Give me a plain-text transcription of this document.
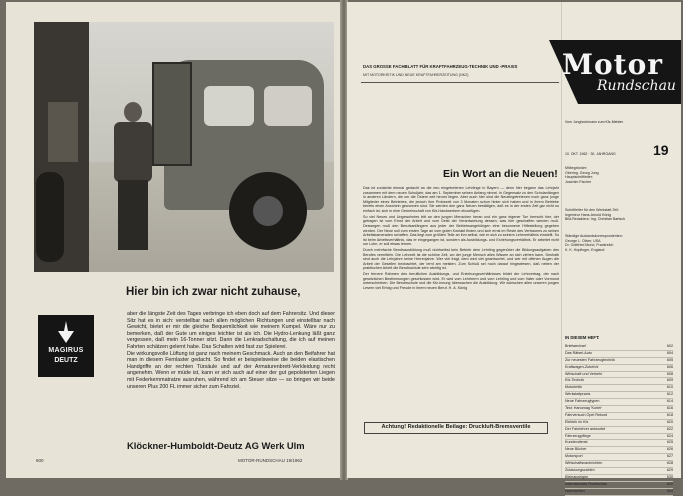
Hier bin ich zwar nicht zuhause,
MAGIRUS
DEUTZ

aber die längste Zeit des Tages verbringe ich eben doch auf dem Fahrersitz. Und dieser Sitz hat es in sich: verstellbar nach allen möglichen Richtungen und einstellbar nach Gewicht, bietet er mir die gleiche Bequemlichkeit wie meinem Kumpel. Wäre nur zu bemerken, daß der Gute um einiges leichter ist als ich. Die Hydro-Lenkung läßt ganz vergessen, daß mein 16-Tonner sitzt. Dann die Lenkradschaltung, die ich auf meinen Fahrten schätzen gelernt habe. Das Schalten wird fast zur Spielerei.
Die wirkungsvolle Lüftung ist ganz nach meinem Geschmack. Auch an den Beifahrer hat man in diesem Fernlaster gedacht. So findet er beispielsweise die beiden elastischen Handgriffe an der rechten Türsäule und auf der Armaturenbrett-Verkleidung recht angenehm. Wenn er müde ist, kann er sich auch auf einer der gut gepolsterten Liegen mit Federkernmatratze ausruhen, während ich am Steuer sitze — so bringen wir beide unseren Plus 200 FL immer sicher zum Fahrziel.

Klöckner-Humboldt-Deutz AG Werk Ulm
600	MOTOR-RUNDSCHAU 19/1962
DAS GROSSE FACHBLATT FÜR KRAFTFAHRZEUG-TECHNIK UND -PRAXIS
MIT MOTORKRITIK UND NEUE KRAFTFAHRERZEITUNG (NKZ)	Motor
Rundschau
Vom Junghochmann zum Kfz-Meister
10. OKT. 1962 · 30. JAHRGANG	19
Mitbegründer:
Oberlng. Georg Jung
Hauptschriftleiter:
Joachim Fischer
Schriftleiter für den Werkstatt-Teil:
Ingenieur Hans-Arnold König
Bild-Redakteur: Ing. Christian Bartsch
Ständige Auslandskorrespondenten:
George L. Oliver, USA
Dr. Gottfried Mund, Frankreich
K. K. Hopfinger, England
IN DIESEM HEFT:
Briefwechsel	602
Das Rätsel-Auto	604
Zur neuesten Fahrzeugtechnik	605
Kraftwagen-Zubehör	606
Wirtschaft und Verkehr	608
Kfz-Technik	609
Motorkritik	610
Werkstattpraxis	612
Neue Fahrzeugtypen	614
Test: Hanomag 'Kurier'	616
Fahrversuch Opel Rekord	618
Elektrik im Kfz	620
Der Fahrlehrer antwortet	622
Fahrzeugpflege	624
Kundendienst	625
Neue Bücher	626
Motorsport	627
Wirtschaftsnachrichten	628
Zulassungszahlen	629
Kleinanzeigen	630
Internationale Rundschau	632
Nachrichten	634
Ein Wort an die Neuen!

Das ist zunächst einmal gedacht an die neu eingetretenen Lehrlinge in Bayern — denn hier begann das Lehrjahr zusammen mit dem neuen Schuljahr, das am 1. September seinen Anfang nimmt. In Gegensatz zu den Schulanfängen in anderen Ländern, die um die Ostern zeit herum liegen. Aber auch hier sind die Neueingetretenen noch ganz junge Mitglieder eines Betriebes, die jedoch ihre Probezeit von 3 Monaten schon hinter sich haben und in ihrem Betriebe bereits einen Anschein gewonnen sind. Sie werden den ganz Neuen bestätigen, daß es in der ersten Zeit gar nicht so einfach ist, sich in eine Gemeinschaft von Kfz-Handwerkern einzufügen.
So viel Neues und Ungewohntes tritt an den jungen Menschen heran und ein ganz eigener Ton herrscht hier, der getragen ist vom Ernst der Arbeit und vom Geist der Verantwortung dessen, was hier geschaffen werden muß. Deswegen muß den Berufsanfängern aus jeder der Betriebsangehörigen eine besonnene Hilfestellung gegeben werden. Der Neue soll vom ersten Tage an vom guten Kontakt finden und sich ernst im Reste des Vertrauens zu seinen Arbeitskameraden schaffen. Das liegt zum größten Teile an ihm selbst, wie er sich zu seinem Lehrverhältnis einstellt. So ist beim Arbeitsverhältnis, das er eingegangen ist, sondern als Ausbildungs- und Erziehungsverhältnis. Er arbeitet nicht um Lohn, er soll etwas lernen.
Durch mehrfache Berufsausbildung muß nichtselbst kein Betrieb dem Lehrling gegenüber die Bildungsaufgaben des Berufes vermitteln. Die Lehrzeit ist die schöne Zeit, wo der junge Mensch alles Wissen an sich ziehen kann. Deshalb sind auch die Lehrjahre keine Herrenjahre. Wer viel fragt, dem wird viel geantwortet, und wer mit offenen Augen die Arbeit der Gesellen beobachtet, der lernt am meisten. Zum Schluß sei noch darauf hingewiesen, daß neben der praktischen Arbeit die Berufsschule sehr wichtig ist.
Der fernere Rahmen des beruflichen Ausbildungs- und Erziehungsverhältnisses bildet der Lehrvertrag, der nach gesetzlichen Bestimmungen geschlossen wird. Er wird vom Lehrherrn und vom Lehrling und vom Vater oder Vormund unterschrieben. Die Berufsschule und die Kfz-Innung überwachen die Ausbildung. Wir wünschen allen unseren jungen Lesern viel Erfolg und Freude in ihrem neuen Beruf. H. A. König

Achtung! Redaktionelle Beilage: Druckluft-Bremsventile
